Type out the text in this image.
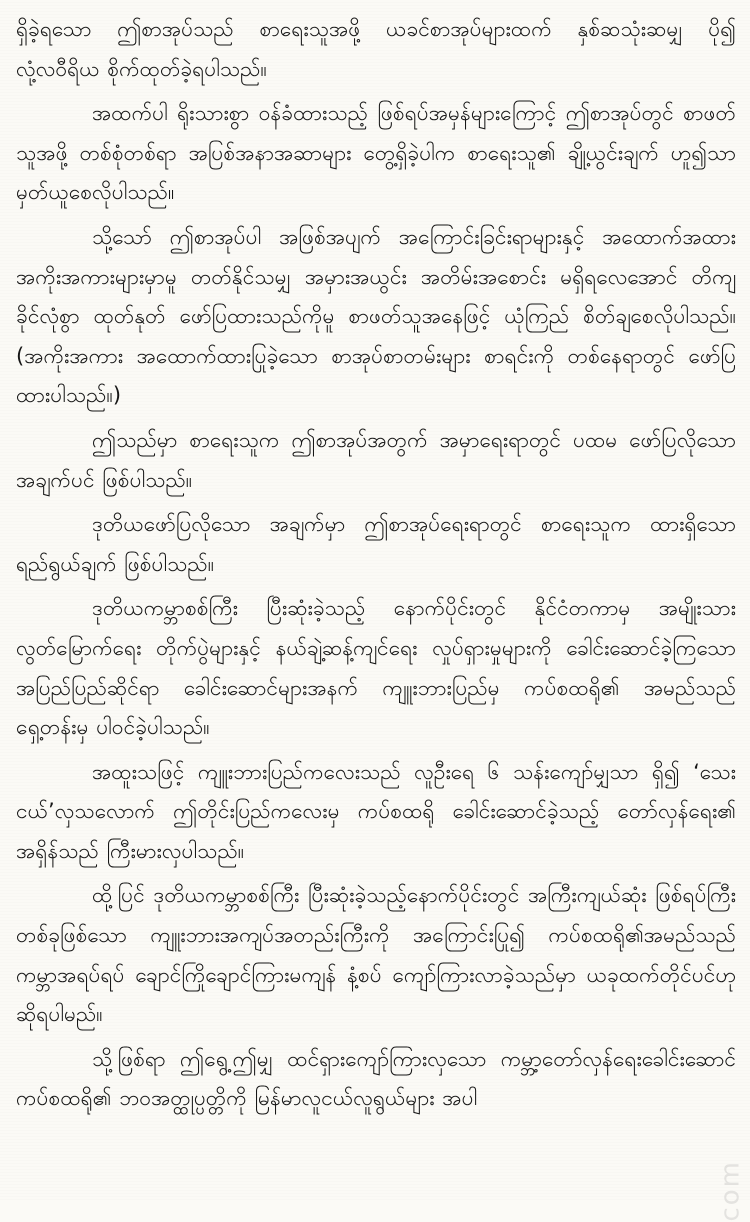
ရှိခဲ့ရသော ဤစာအုပ်သည် စာရေးသူအဖို့ ယခင်စာအုပ်များထက် နှစ်ဆသုံးဆမျှ ပို၍ လုံ့လဝီရိယ စိုက်ထုတ်ခဲ့ရပါသည်။

အထက်ပါ ရိုးသားစွာ ဝန်ခံထားသည့် ဖြစ်ရပ်အမှန်များကြောင့် ဤစာအုပ်တွင် စာဖတ်သူအဖို့ တစ်စုံတစ်ရာ အပြစ်အနာအဆာများ တွေ့ရှိခဲ့ပါက စာရေးသူ၏ ချို့ယွင်းချက် ဟူ၍သာ မှတ်ယူစေလိုပါသည်။

သို့သော် ဤစာအုပ်ပါ အဖြစ်အပျက် အကြောင်းခြင်းရာများနှင့် အထောက်အထား အကိုးအကားများမှာမူ တတ်နိုင်သမျှ အမှားအယွင်း အတိမ်းအစောင်း မရှိရလေအောင် တိကျခိုင်လုံစွာ ထုတ်နုတ် ဖော်ပြထားသည်ကိုမူ စာဖတ်သူအနေဖြင့် ယုံကြည် စိတ်ချစေလိုပါသည်။ (အကိုးအကား အထောက်ထားပြုခဲ့သော စာအုပ်စာတမ်းများ စာရင်းကို တစ်နေရာတွင် ဖော်ပြထားပါသည်။)

ဤသည်မှာ စာရေးသူက ဤစာအုပ်အတွက် အမှာရေးရာတွင် ပထမ ဖော်ပြလိုသော အချက်ပင် ဖြစ်ပါသည်။

ဒုတိယဖော်ပြလိုသော အချက်မှာ ဤစာအုပ်ရေးရာတွင် စာရေးသူက ထားရှိသော ရည်ရွယ်ချက် ဖြစ်ပါသည်။

ဒုတိယကမ္ဘာစစ်ကြီး ပြီးဆုံးခဲ့သည့် နောက်ပိုင်းတွင် နိုင်ငံတကာမှ အမျိုးသားလွတ်မြောက်ရေး တိုက်ပွဲများနှင့် နယ်ချဲ့ဆန့်ကျင်ရေး လှုပ်ရှားမှုများကို ခေါင်းဆောင်ခဲ့ကြသော အပြည်ပြည်ဆိုင်ရာ ခေါင်းဆောင်များအနက် ကျူးဘားပြည်မှ ကပ်စထရို၏ အမည်သည် ရှေ့တန်းမှ ပါဝင်ခဲ့ပါသည်။

အထူးသဖြင့် ကျူးဘားပြည်ကလေးသည် လူဦးရေ ၆ သန်းကျော်မျှသာ ရှိ၍ ‘သေးငယ်’လှသလောက် ဤတိုင်းပြည်ကလေးမှ ကပ်စထရို ခေါင်းဆောင်ခဲ့သည့် တော်လှန်ရေး၏ အရှိန်သည် ကြီးမားလှပါသည်။

ထို့ပြင် ဒုတိယကမ္ဘာစစ်ကြီး ပြီးဆုံးခဲ့သည့်နောက်ပိုင်းတွင် အကြီးကျယ်ဆုံး ဖြစ်ရပ်ကြီးတစ်ခုဖြစ်သော ကျူးဘားအကျပ်အတည်းကြီးကို အကြောင်းပြု၍ ကပ်စထရို၏အမည်သည် ကမ္ဘာအရပ်ရပ် ချောင်ကြိုချောင်ကြားမကျန် နံ့စပ် ကျော်ကြားလာခဲ့သည်မှာ ယခုထက်တိုင်ပင်ဟု ဆိုရပါမည်။

သို့ဖြစ်ရာ ဤရွေ့ဤမျှ ထင်ရှားကျော်ကြားလှသော ကမ္ဘာ့တော်လှန်ရေးခေါင်းဆောင် ကပ်စထရို၏ ဘဝအတ္ထုပ္ပတ္တိကို မြန်မာလူငယ်လူရွယ်များ အပါ

com
